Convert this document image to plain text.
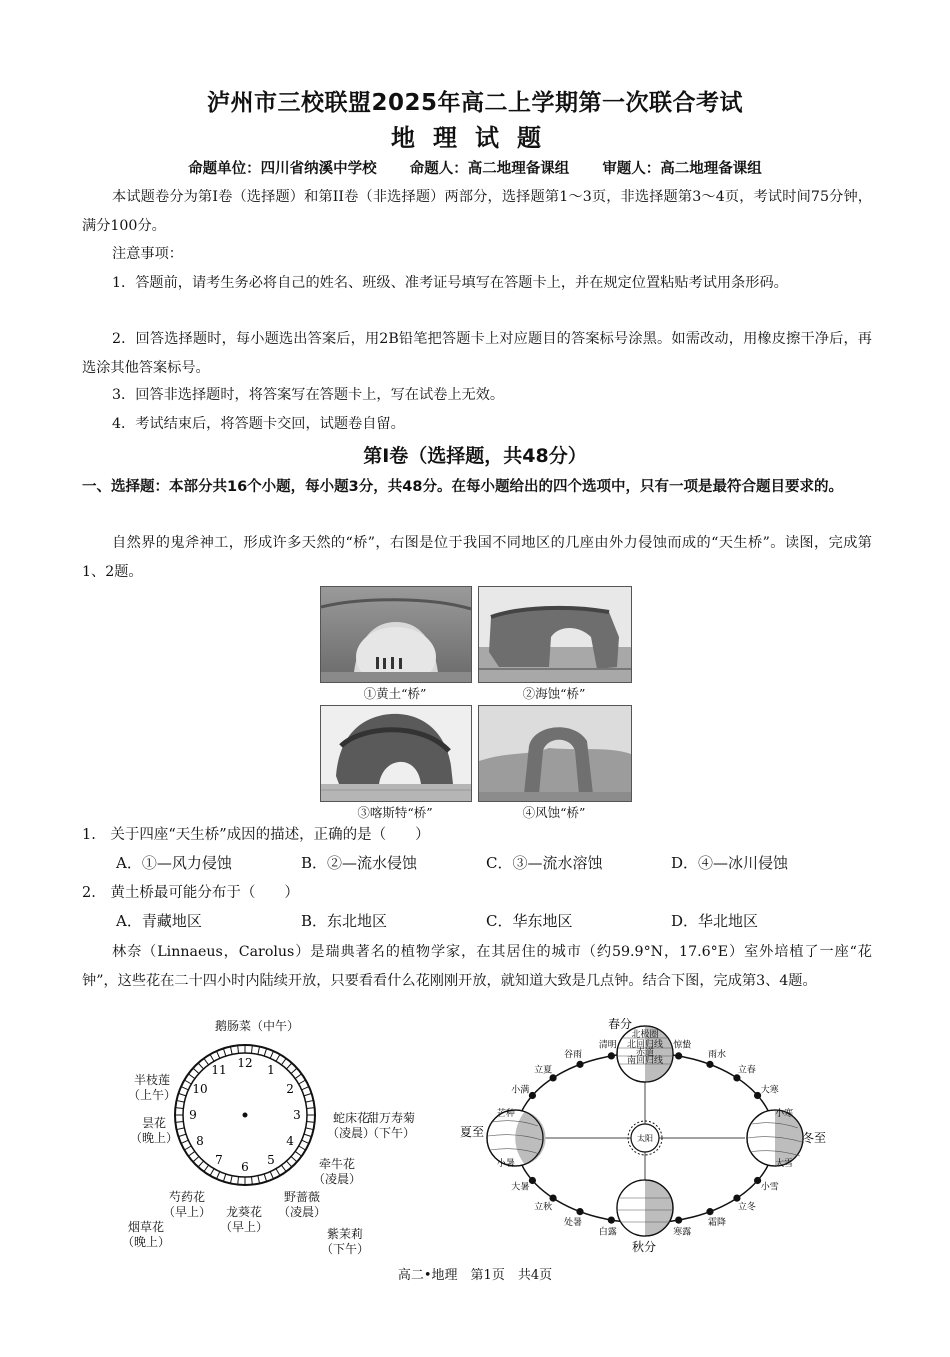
泸州市三校联盟2025年高二上学期第一次联合考试
地理试题
命题单位：四川省纳溪中学校 命题人：高二地理备课组 审题人：高二地理备课组
本试题卷分为第I卷（选择题）和第II卷（非选择题）两部分，选择题第1～3页，非选择题第3～4页，考试时间75分钟，满分100分。
注意事项：
1．答题前，请考生务必将自己的姓名、班级、准考证号填写在答题卡上，并在规定位置粘贴考试用条形码。
2．回答选择题时，每小题选出答案后，用2B铅笔把答题卡上对应题目的答案标号涂黑。如需改动，用橡皮擦干净后，再选涂其他答案标号。
3．回答非选择题时，将答案写在答题卡上，写在试卷上无效。
4．考试结束后，将答题卡交回，试题卷自留。
第I卷（选择题，共48分）
一、选择题：本部分共16个小题，每小题3分，共48分。在每小题给出的四个选项中，只有一项是最符合题目要求的。
自然界的鬼斧神工，形成许多天然的“桥”，右图是位于我国不同地区的几座由外力侵蚀而成的“天生桥”。读图，完成第1、2题。
①黄土“桥”	②海蚀“桥”
③喀斯特“桥”	④风蚀“桥”
1.　关于四座“天生桥”成因的描述，正确的是（　　）
A．①—风力侵蚀	B．②—流水侵蚀	C．③—流水溶蚀	D．④—冰川侵蚀
2.　黄土桥最可能分布于（　　）
A．青藏地区	B．东北地区	C．华东地区	D．华北地区
林奈（Linnaeus，Carolus）是瑞典著名的植物学家，在其居住的城市（约59.9°N，17.6°E）室外培植了一座“花钟”，这些花在二十四小时内陆续开放，只要看看什么花刚刚开放，就知道大致是几点钟。结合下图，完成第3、4题。
12 1
2
3
4
5
6
7
8
9
10
11
鹅肠菜（中午）
半枝莲
（上午）
昙花
（晚上）
蛇床花
（凌晨）
甜万寿菊
（下午）
牵牛花
（凌晨）
芍药花
（早上）
野蔷薇
（凌晨）
龙葵花
（早上）
烟草花
（晚上）
紫茉莉
（下午）
太阳
北极圈
北回归线
赤道
南回归线
春分
夏至
秋分
冬至
惊蛰
雨水
立春
大寒
小寒
大雪
小雪
立冬
霜降
寒露
白露
处暑
立秋
大暑
小暑
芒种
小满
立夏
谷雨
清明
高二•地理　第1页　共4页
